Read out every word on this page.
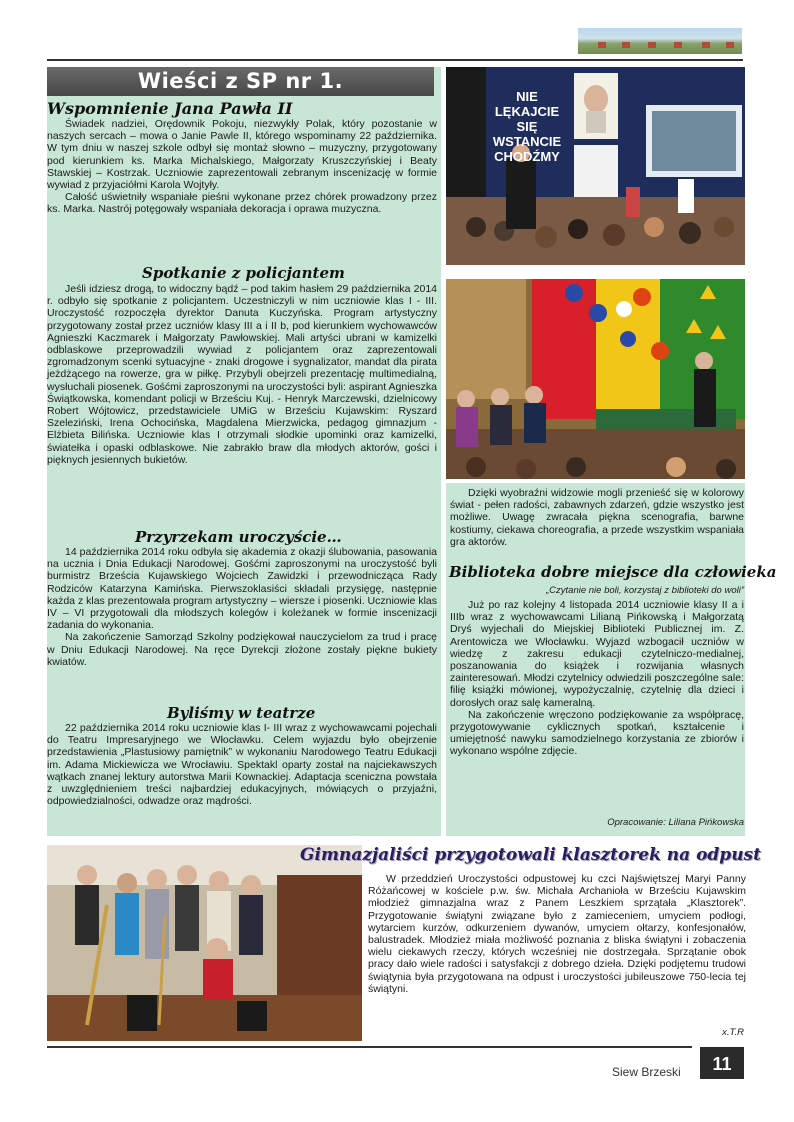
Wieści z SP nr 1.
Wspomnienie Jana Pawła II

Świadek nadziei, Orędownik Pokoju, niezwykły Polak, który pozostanie w naszych sercach – mowa o Janie Pawle II, którego wspominamy 22 października. W tym dniu w naszej szkole odbył się montaż słowno – muzyczny, przygotowany pod kierunkiem ks. Marka Michalskiego, Małgorzaty Kruszczyńskiej i Beaty Stawskiej – Kostrzak. Uczniowie zaprezentowali zebranym inscenizację w formie wywiad z przyjaciółmi Karola Wojtyły.

Całość uświetniły wspaniałe pieśni wykonane przez chórek prowadzony przez ks. Marka. Nastrój potęgowały wspaniała dekoracja i oprawa muzyczna.

Spotkanie z policjantem

Jeśli idziesz drogą, to widoczny bądź – pod takim hasłem 29 października 2014 r. odbyło się spotkanie z policjantem. Uczestniczyli w nim uczniowie klas I - III. Uroczystość rozpoczęła dyrektor Danuta Kuczyńska. Program artystyczny przygotowany został przez uczniów klasy III a i II b, pod kierunkiem wychowawców Agnieszki Kaczmarek i Małgorzaty Pawłowskiej. Mali artyści ubrani w kamizelki odblaskowe przeprowadzili wywiad z policjantem oraz zaprezentowali zgromadzonym scenki sytuacyjne - znaki drogowe i sygnalizator, mandat dla pirata jeżdżącego na rowerze, gra w piłkę. Przybyli obejrzeli prezentację multimedialną, wysłuchali piosenek. Gośćmi zaproszonymi na uroczystości byli: aspirant Agnieszka Świątkowska, komendant policji w Brześciu Kuj. - Henryk Marczewski, dzielnicowy Robert Wójtowicz, przedstawiciele UMiG w Brześciu Kujawskim: Ryszard Szeleziński, Irena Ochocińska, Magdalena Mierzwicka, pedagog gimnazjum - Elżbieta Bilińska. Uczniowie klas I otrzymali słodkie upominki oraz kamizelki, światełka i opaski odblaskowe. Nie zabrakło braw dla młodych aktorów, gości i pięknych jesiennych bukietów.

Przyrzekam uroczyście…

14 października 2014 roku odbyła się akademia z okazji ślubowania, pasowania na ucznia i Dnia Edukacji Narodowej. Gośćmi zaproszonymi na uroczystość byli burmistrz Brześcia Kujawskiego Wojciech Zawidzki i przewodnicząca Rady Rodziców Katarzyna Kamińska. Pierwszoklasiści składali przysięgę, następnie każda z klas prezentowała program artystyczny – wiersze i piosenki. Uczniowie klas IV – VI przygotowali dla młodszych kolegów i koleżanek w formie inscenizacji zadania do wykonania.

Na zakończenie Samorząd Szkolny podziękował nauczycielom za trud i pracę w Dniu Edukacji Narodowej. Na ręce Dyrekcji złożone zostały piękne bukiety kwiatów.

Byliśmy w teatrze

22 października 2014 roku uczniowie klas I- III wraz z wychowawcami pojechali do Teatru Impresaryjnego we Włocławku. Celem wyjazdu było obejrzenie przedstawienia „Plastusiowy pamiętnik” w wykonaniu Narodowego Teatru Edukacji im. Adama Mickiewicza we Wrocławiu. Spektakl oparty został na najciekawszych wątkach znanej lektury autorstwa Marii Kownackiej. Adaptacja sceniczna powstała z uwzględnieniem treści najbardziej edukacyjnych, mówiących o przyjaźni, odpowiedzialności, odwadze oraz mądrości.

NIE
LĘKAJCIE
SIĘ
WSTANCIE
CHODŹMY

Dzięki wyobraźni widzowie mogli przenieść się w kolorowy świat - pełen radości, zabawnych zdarzeń, gdzie wszystko jest możliwe. Uwagę zwracała piękna scenografia, barwne kostiumy, ciekawa choreografia, a przede wszystkim wspaniała gra aktorów.

Biblioteka dobre miejsce dla człowieka
„Czytanie nie boli, korzystaj z biblioteki do woli”

Już po raz kolejny 4 listopada 2014 uczniowie klasy II a i IIIb wraz z wychowawcami Lilianą Pińkowską i Małgorzatą Dryś wyjechali do Miejskiej Biblioteki Publicznej im. Z. Arentowicza we Włocławku. Wyjazd wzbogacił uczniów w wiedzę z zakresu edukacji czytelniczo-medialnej, poszanowania do książek i rozwijania własnych zainteresowań. Młodzi czytelnicy odwiedzili poszczególne sale: filię książki mówionej, wypożyczalnię, czytelnię dla dzieci i dorosłych oraz salę kameralną.

Na zakończenie wręczono podziękowanie za współpracę, przygotowywanie cyklicznych spotkań, kształcenie i umiejętność nawyku samodzielnego korzystania ze zbiorów i wykonano wspólne zdjęcie.

Opracowanie: Liliana Pińkowska
Gimnazjaliści przygotowali klasztorek na odpust

W przeddzień Uroczystości odpustowej ku czci Najświętszej Maryi Panny Różańcowej w kościele p.w. św. Michała Archanioła w Brześciu Kujawskim młodzież gimnazjalna wraz z Panem Leszkiem sprzątała „Klasztorek”. Przygotowanie świątyni związane było z zamieceniem, umyciem podłogi, wytarciem kurzów, odkurzeniem dywanów, umyciem ołtarzy, konfesjonałów, balustradek. Młodzież miała możliwość poznania z bliska świątyni i zobaczenia wielu ciekawych rzeczy, których wcześniej nie dostrzegała. Sprzątanie obok pracy dało wiele radości i satysfakcji z dobrego dzieła. Dzięki podjętemu trudowi świątynia była przygotowana na odpust i uroczystości jubileuszowe 750-lecia tej świątyni.

x.T.R
Siew Brzeski	11
